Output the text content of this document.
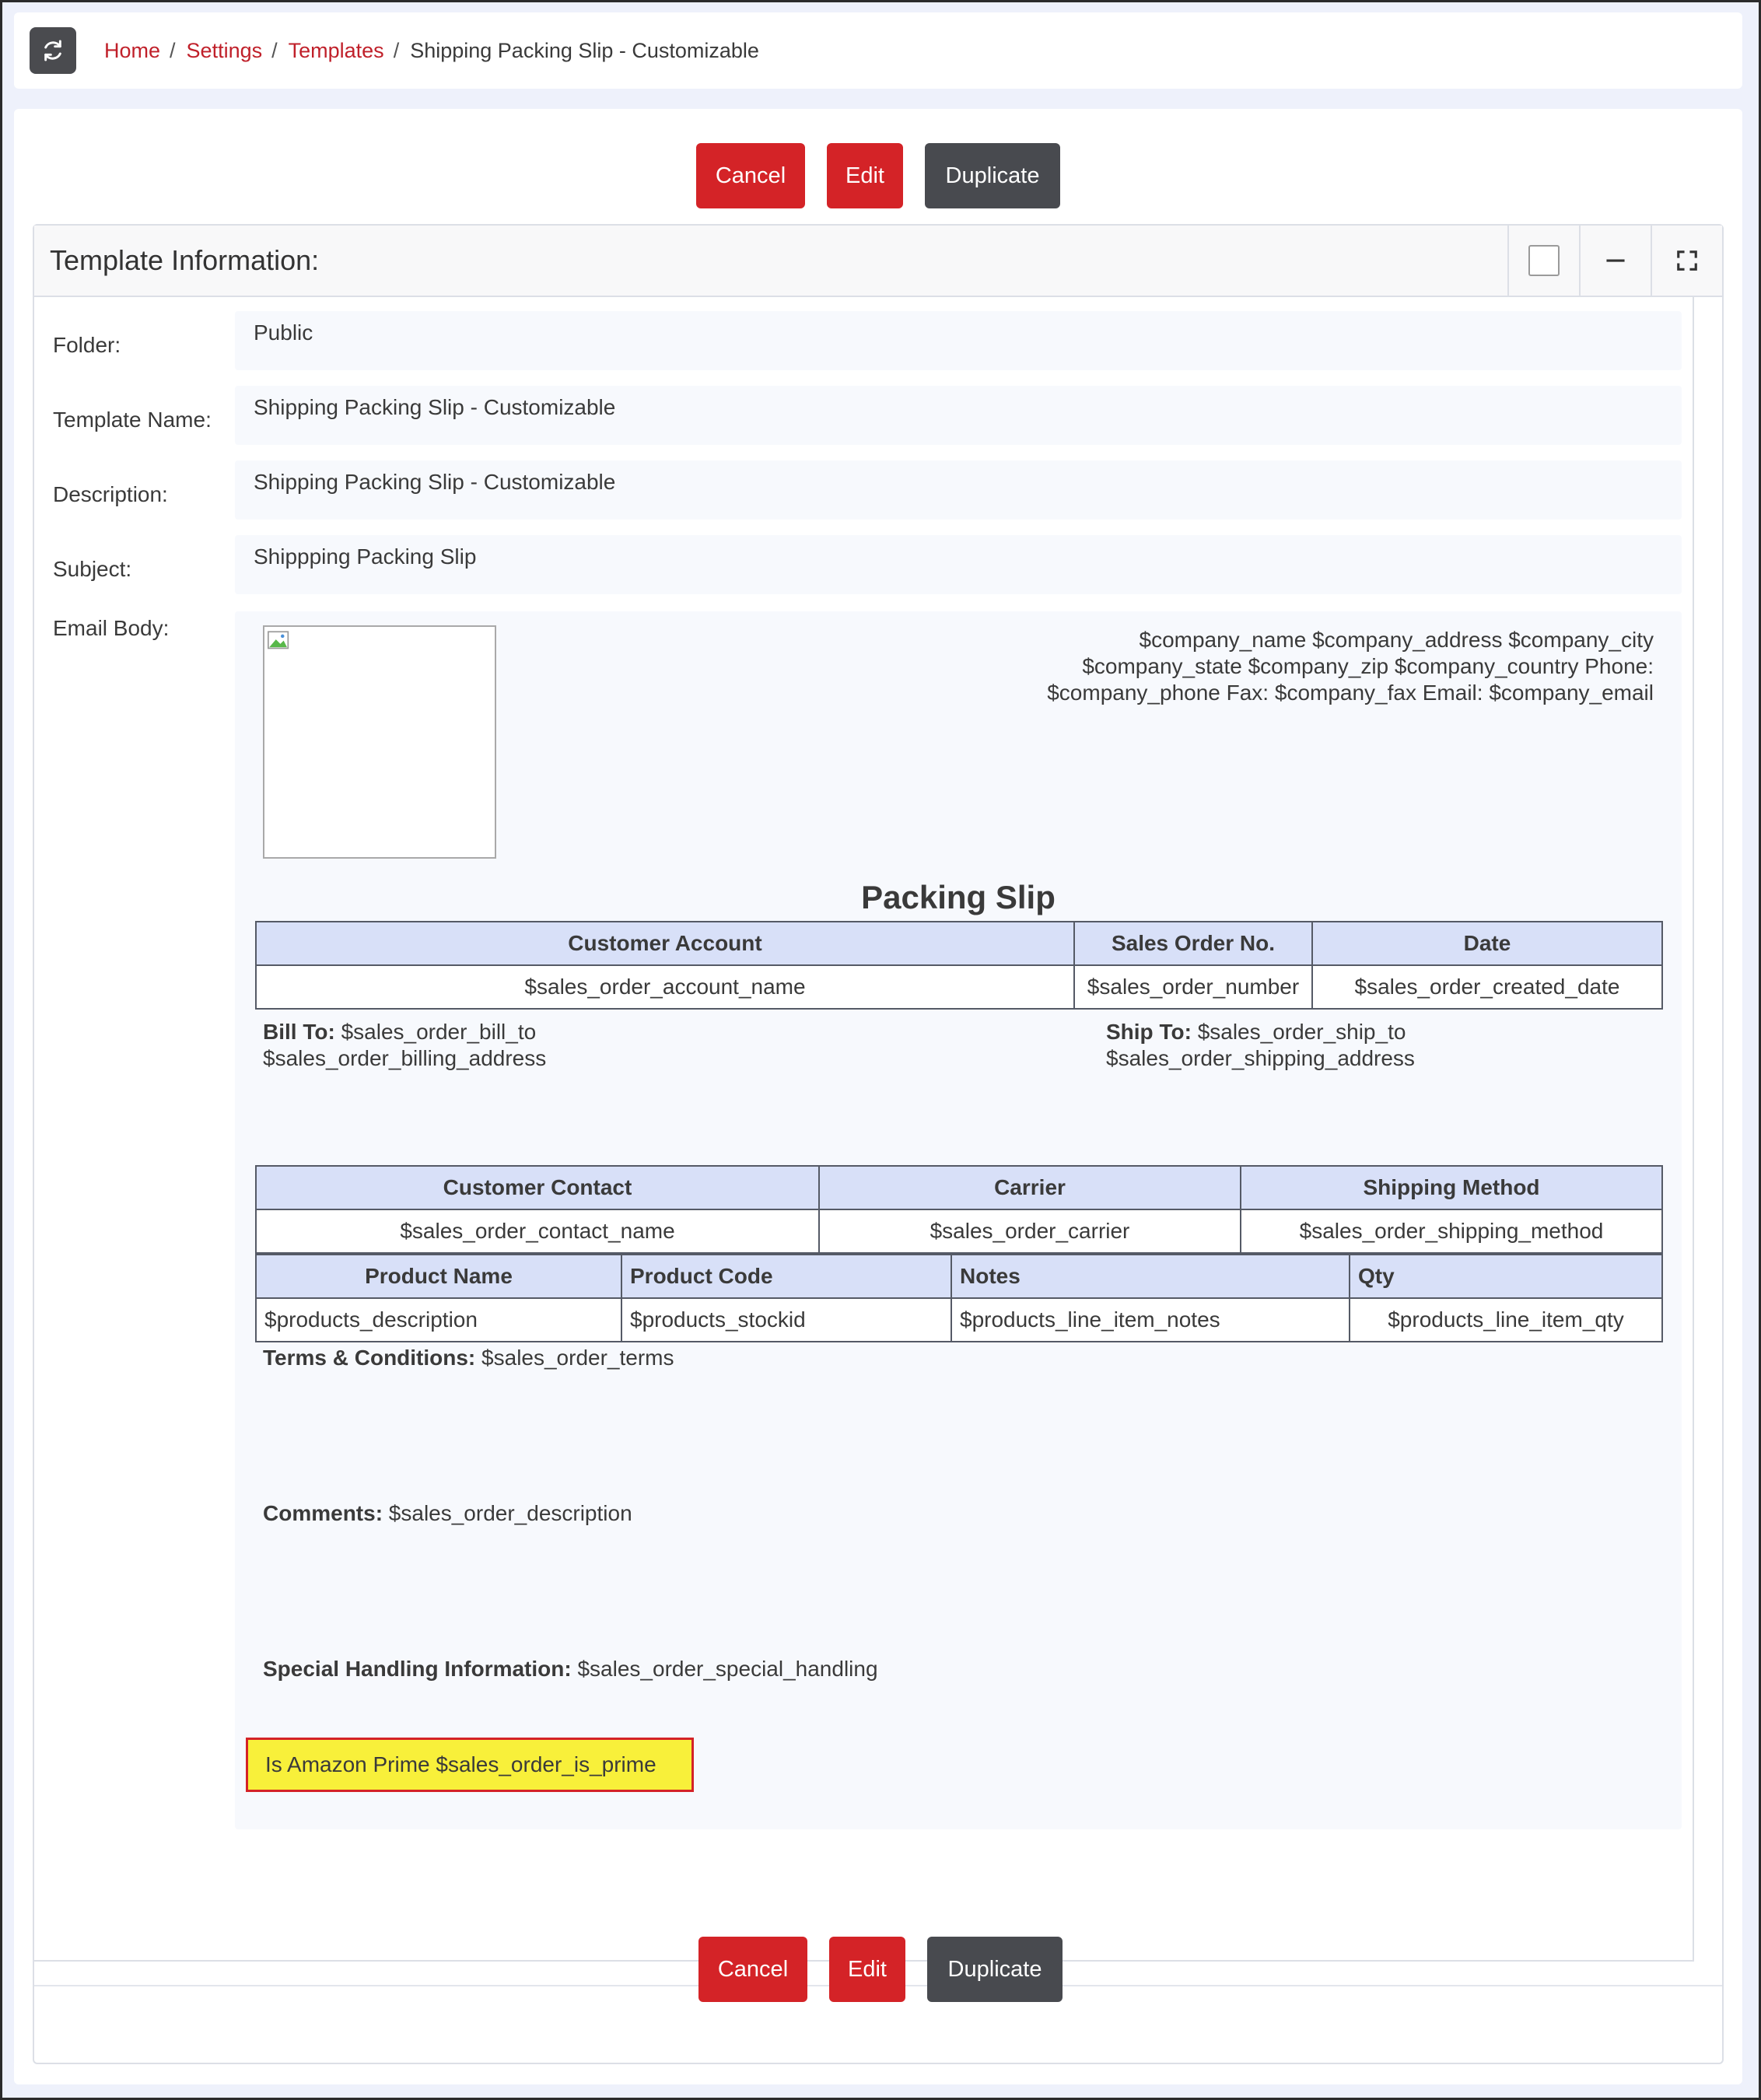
Home / Settings / Templates / Shipping Packing Slip - Customizable
Cancel	Edit	Duplicate
Template Information:
Folder:
Public
Template Name:
Shipping Packing Slip - Customizable
Description:
Shipping Packing Slip - Customizable
Subject:
Shippping Packing Slip
Email Body:	$company_name $company_address $company_city $company_state $company_zip $company_country Phone: $company_phone Fax: $company_fax Email: $company_email
Packing Slip
Customer Account	Sales Order No.	Date
$sales_order_account_name	$sales_order_number	$sales_order_created_date
Bill To: $sales_order_bill_to
$sales_order_billing_address
Ship To: $sales_order_ship_to
$sales_order_shipping_address
Customer Contact	Carrier	Shipping Method
$sales_order_contact_name	$sales_order_carrier	$sales_order_shipping_method
Product Name	Product Code	Notes	Qty
$products_description	$products_stockid	$products_line_item_notes	$products_line_item_qty
Terms & Conditions: $sales_order_terms
Comments: $sales_order_description
Special Handling Information: $sales_order_special_handling
Is Amazon Prime $sales_order_is_prime
Cancel	Edit	Duplicate
